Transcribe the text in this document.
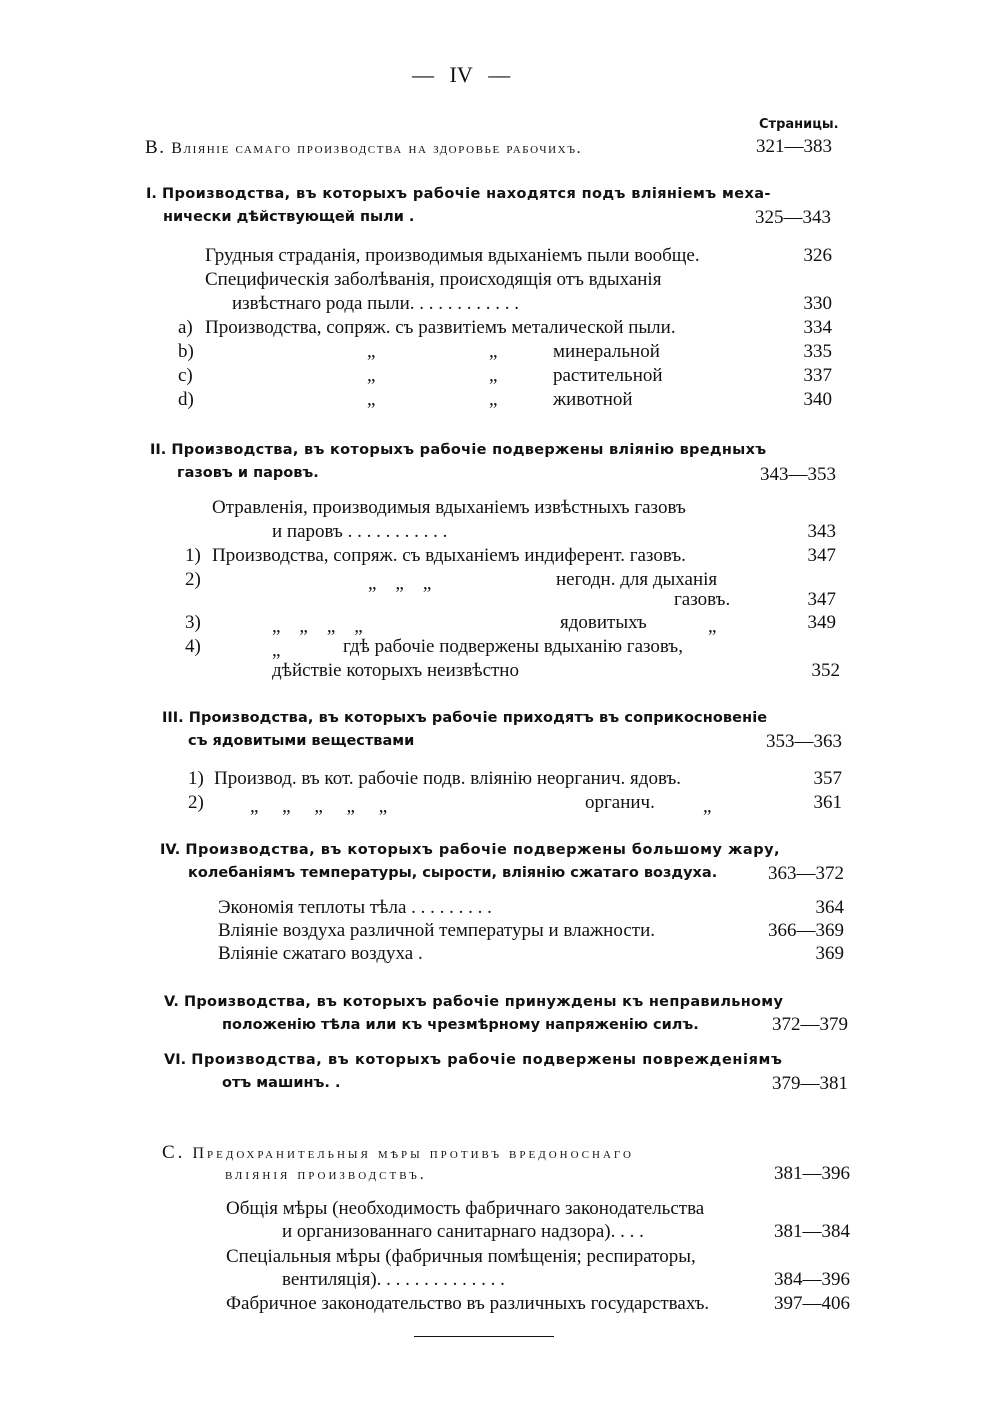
— IV —
Страницы.
B. Вліяніе самаго производства на здоровье рабочихъ.	321—383
I. Производства, въ которыхъ рабочіе находятся подъ вліяніемъ меха-
нически дѣйствующей пыли .	325—343
Грудныя страданія, производимыя вдыханіемъ пыли вообще.	326
Специфическія заболѣванія, происходящія отъ вдыханія
извѣстнаго рода пыли. . . . . . . . . . . .	330
a) Производства, сопряж. съ развитіемъ металической пыли.	334
b)	„	„	минеральной	335
c)	„	„	растительной	337
d)	„	„	животной	340
II. Производства, въ которыхъ рабочіе подвержены вліянію вредныхъ
газовъ и паровъ.	343—353
Отравленія, производимыя вдыханіемъ извѣстныхъ газовъ
и паровъ . . . . . . . . . . .	343
1) Производства, сопряж. съ вдыханіемъ индиферент. газовъ.	347
2)	„    „    „	негодн. для дыханія
газовъ.	347
3)	„    „    „    „	ядовитыхъ	„	349
4)	„	гдѣ рабочіе подвержены вдыханію газовъ,
дѣйствіе которыхъ неизвѣстно	352
III. Производства, въ которыхъ рабочіе приходятъ въ соприкосновеніе
съ ядовитыми веществами	353—363
1) Производ. въ кот. рабочіе подв. вліянію неорганич. ядовъ.	357
2) „     „     „     „     „	органич.	„	361
IV. Производства, въ которыхъ рабочіе подвержены большому жару,
колебаніямъ температуры, сырости, вліянію сжатаго воздуха.	363—372
Экономія теплоты тѣла . . . . . . . . .	364
Вліяніе воздуха различной температуры и влажности.	366—369
Вліяніе сжатаго воздуха .	369
V. Производства, въ которыхъ рабочіе принуждены къ неправильному
положенію тѣла или къ чрезмѣрному напряженію силъ.	372—379
VI. Производства, въ которыхъ рабочіе подвержены поврежденіямъ
отъ машинъ. .	379—381
C. Предохранительныя мѣры противъ вредоноснаго
вліянія производствъ.	381—396
Общія мѣры (необходимость фабричнаго законодательства
и организованнаго санитарнаго надзора). . . .	381—384
Спеціальныя мѣры (фабричныя помѣщенія; респираторы,
вентиляція). . . . . . . . . . . . . .	384—396
Фабричное законодательство въ различныхъ государствахъ.	397—406
